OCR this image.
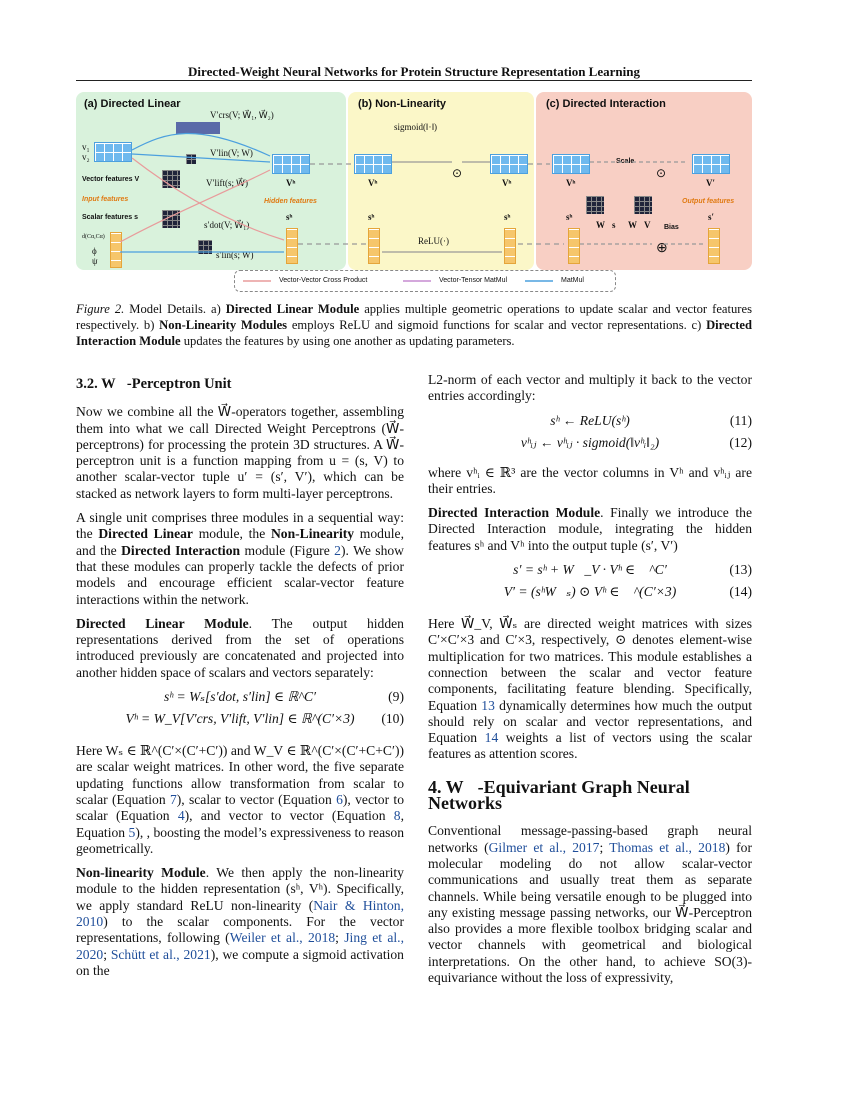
Directed-Weight Neural Networks for Protein Structure Representation Learning
(a) Directed Linear
v₁
v₂
Vector features V
Input features
Scalar features s
d(Cα,Cα)
ϕ
ψ
V′crs(V; W⃗₁, W⃗₂)
V′lin(V; W)
V′lift(s; W⃗)
s′dot(V; W⃗₁)
s′lin(s; W)
Vʰ
Hidden features
sʰ
(b) Non-Linearity
sigmoid(‖·‖)
Vʰ
⊙
Vʰ
sʰ
ReLU(·)
sʰ
(c) Directed Interaction
Vʰ
Scale
⊙
V′
Output features
W⃗s W⃗V Bias
sʰ
⊕
s′
Vector-Vector Cross Product	Vector-Tensor MatMul	MatMul
Figure 2. Model Details. a) Directed Linear Module applies multiple geometric operations to update scalar and vector features respectively. b) Non-Linearity Modules employs ReLU and sigmoid functions for scalar and vector representations. c) Directed Interaction Module updates the features by using one another as updating parameters.
3.2. W⃗-Perceptron Unit

Now we combine all the W⃗-operators together, assembling them into what we call Directed Weight Perceptrons (W⃗-perceptrons) for processing the protein 3D structures. A W⃗-perceptron unit is a function mapping from u = (s, V) to another scalar-vector tuple u′ = (s′, V′), which can be stacked as network layers to form multi-layer perceptrons.

A single unit comprises three modules in a sequential way: the Directed Linear module, the Non-Linearity module, and the Directed Interaction module (Figure 2). We show that these modules can properly tackle the defects of prior models and encourage efficient scalar-vector feature interactions within the network.

Directed Linear Module. The output hidden representations derived from the set of operations introduced previously are concatenated and projected into another hidden space of scalars and vectors separately:

sʰ = Wₛ[s′dot, s′lin] ∈ ℝ^C′	(9)
Vʰ = W_V[V′crs, V′lift, V′lin] ∈ ℝ^(C′×3)	(10)

Here Wₛ ∈ ℝ^(C′×(C′+C′)) and W_V ∈ ℝ^(C′×(C′+C+C′)) are scalar weight matrices. In other word, the five separate updating functions allow transformation from scalar to scalar (Equation 7), scalar to vector (Equation 6), vector to scalar (Equation 4), and vector to vector (Equation 8, Equation 5), , boosting the model’s expressiveness to reason geometrically.

Non-linearity Module. We then apply the non-linearity module to the hidden representation (sʰ, Vʰ). Specifically, we apply standard ReLU non-linearity (Nair & Hinton, 2010) to the scalar components. For the vector representations, following (Weiler et al., 2018; Jing et al., 2020; Schütt et al., 2021), we compute a sigmoid activation on the

L2-norm of each vector and multiply it back to the vector entries accordingly:

sʰ ← ReLU(sʰ)	(11)
vʰᵢⱼ ← vʰᵢⱼ · sigmoid(‖vʰᵢ‖₂)	(12)

where vʰᵢ ∈ ℝ³ are the vector columns in Vʰ and vʰᵢⱼ are their entries.

Directed Interaction Module. Finally we introduce the Directed Interaction module, integrating the hidden features sʰ and Vʰ into the output tuple (s′, V′)

s′ = sʰ + W⃗_V · Vʰ ∈ ℝ^C′	(13)
V′ = (sʰW⃗ₛ) ⊙ Vʰ ∈ ℝ^(C′×3)	(14)

Here W⃗_V, W⃗ₛ are directed weight matrices with sizes C′×C′×3 and C′×3, respectively, ⊙ denotes element-wise multiplication for two matrices. This module establishes a connection between the scalar and vector feature components, facilitating feature blending. Specifically, Equation 13 dynamically determines how much the output should rely on scalar and vector representations, and Equation 14 weights a list of vectors using the scalar features as attention scores.

4. W⃗-Equivariant Graph Neural Networks

Conventional message-passing-based graph neural networks (Gilmer et al., 2017; Thomas et al., 2018) for molecular modeling do not allow scalar-vector communications and usually treat them as separate channels. While being versatile enough to be plugged into any existing message passing networks, our W⃗-Perceptron also provides a more flexible toolbox bridging scalar and vector channels with geometrical and biological interpretations. On the other hand, to achieve SO(3)-equivariance without the loss of expressivity,
